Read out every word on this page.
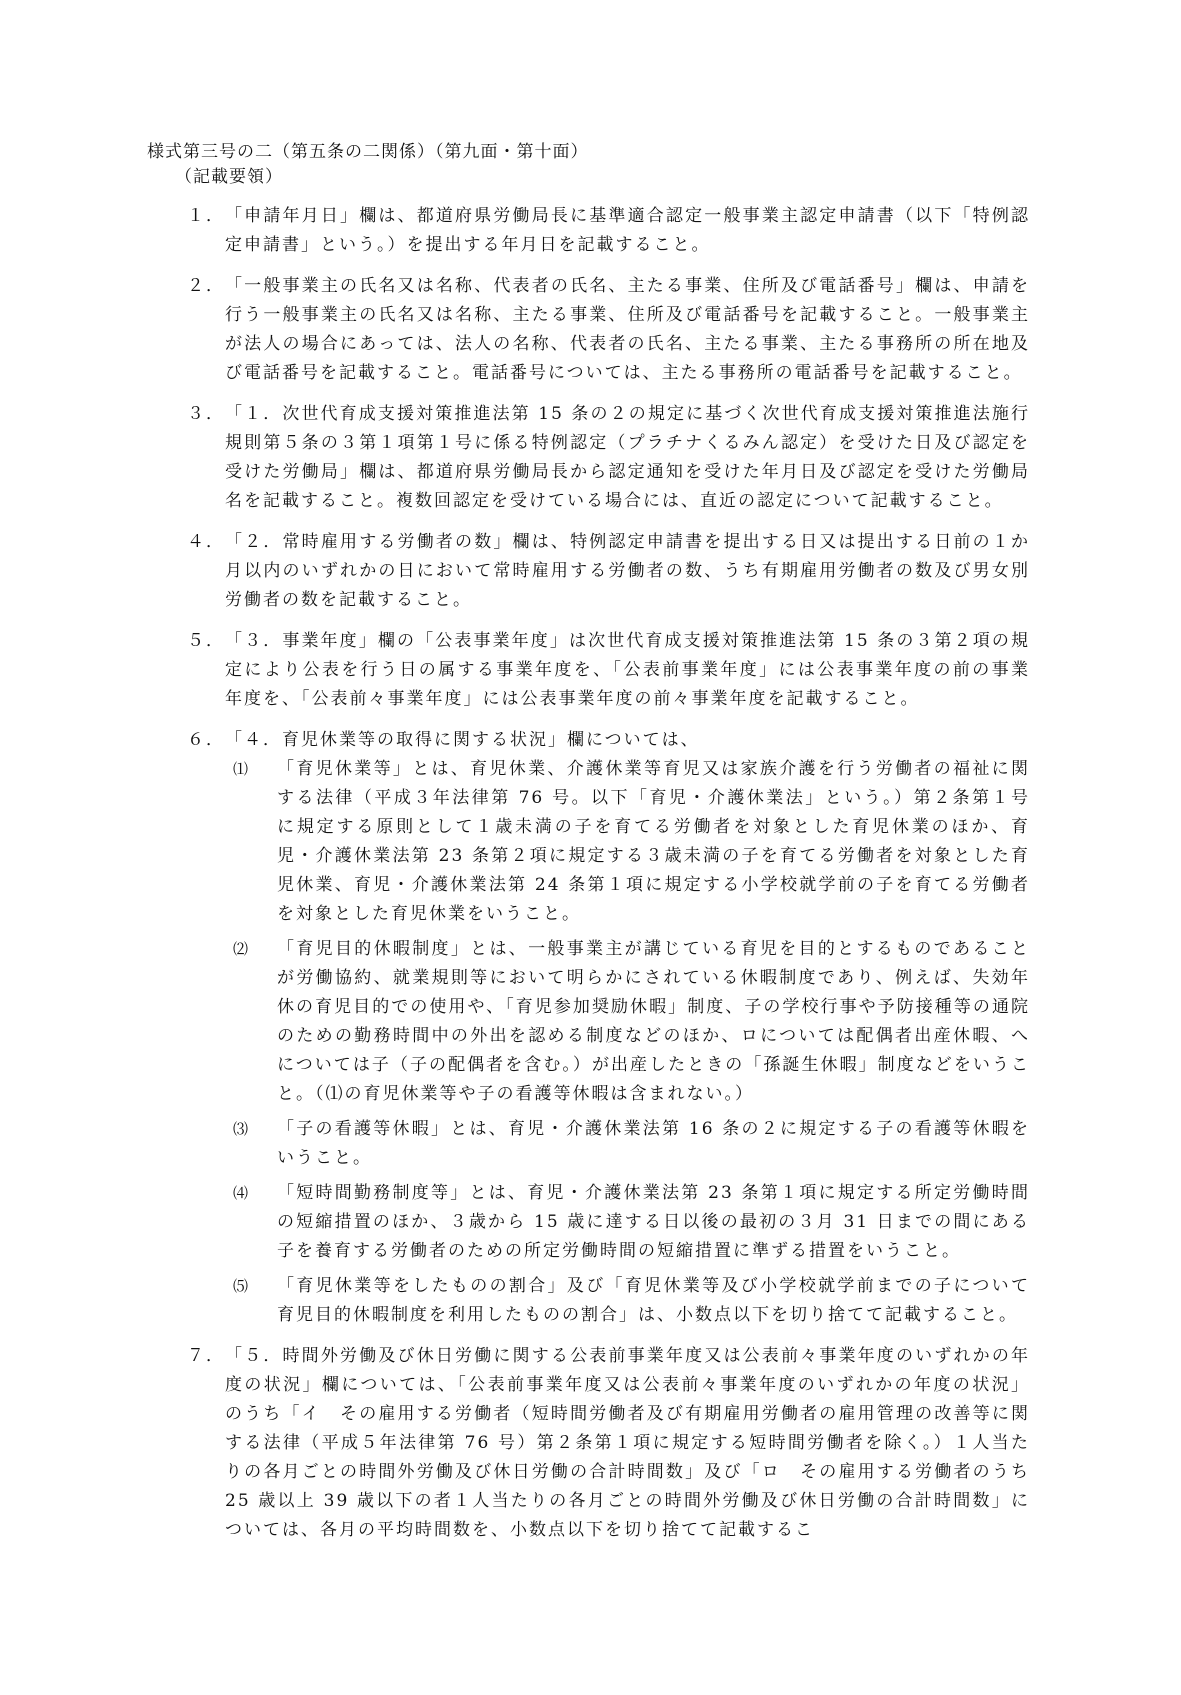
様式第三号の二（第五条の二関係）（第九面・第十面）
（記載要領）
１． 「申請年月日」欄は、都道府県労働局長に基準適合認定一般事業主認定申請書（以下「特例認定申請書」という。）を提出する年月日を記載すること。
２． 「一般事業主の氏名又は名称、代表者の氏名、主たる事業、住所及び電話番号」欄は、申請を行う一般事業主の氏名又は名称、主たる事業、住所及び電話番号を記載すること。一般事業主が法人の場合にあっては、法人の名称、代表者の氏名、主たる事業、主たる事務所の所在地及び電話番号を記載すること。電話番号については、主たる事務所の電話番号を記載すること。
３． 「１．次世代育成支援対策推進法第 15 条の２の規定に基づく次世代育成支援対策推進法施行規則第５条の３第１項第１号に係る特例認定（プラチナくるみん認定）を受けた日及び認定を受けた労働局」欄は、都道府県労働局長から認定通知を受けた年月日及び認定を受けた労働局名を記載すること。複数回認定を受けている場合には、直近の認定について記載すること。
４． 「２．常時雇用する労働者の数」欄は、特例認定申請書を提出する日又は提出する日前の１か月以内のいずれかの日において常時雇用する労働者の数、うち有期雇用労働者の数及び男女別労働者の数を記載すること。
５． 「３．事業年度」欄の「公表事業年度」は次世代育成支援対策推進法第 15 条の３第２項の規定により公表を行う日の属する事業年度を、「公表前事業年度」には公表事業年度の前の事業年度を、「公表前々事業年度」には公表事業年度の前々事業年度を記載すること。
６． 「４．育児休業等の取得に関する状況」欄については、
⑴ 「育児休業等」とは、育児休業、介護休業等育児又は家族介護を行う労働者の福祉に関する法律（平成３年法律第 76 号。以下「育児・介護休業法」という。）第２条第１号に規定する原則として１歳未満の子を育てる労働者を対象とした育児休業のほか、育児・介護休業法第 23 条第２項に規定する３歳未満の子を育てる労働者を対象とした育児休業、育児・介護休業法第 24 条第１項に規定する小学校就学前の子を育てる労働者を対象とした育児休業をいうこと。
⑵ 「育児目的休暇制度」とは、一般事業主が講じている育児を目的とするものであることが労働協約、就業規則等において明らかにされている休暇制度であり、例えば、失効年休の育児目的での使用や、「育児参加奨励休暇」制度、子の学校行事や予防接種等の通院のための勤務時間中の外出を認める制度などのほか、ロについては配偶者出産休暇、へについては子（子の配偶者を含む。）が出産したときの「孫誕生休暇」制度などをいうこと。（⑴の育児休業等や子の看護等休暇は含まれない。）
⑶ 「子の看護等休暇」とは、育児・介護休業法第 16 条の２に規定する子の看護等休暇をいうこと。
⑷ 「短時間勤務制度等」とは、育児・介護休業法第 23 条第１項に規定する所定労働時間の短縮措置のほか、３歳から 15 歳に達する日以後の最初の３月 31 日までの間にある子を養育する労働者のための所定労働時間の短縮措置に準ずる措置をいうこと。
⑸ 「育児休業等をしたものの割合」及び「育児休業等及び小学校就学前までの子について育児目的休暇制度を利用したものの割合」は、小数点以下を切り捨てて記載すること。
７． 「５．時間外労働及び休日労働に関する公表前事業年度又は公表前々事業年度のいずれかの年度の状況」欄については、「公表前事業年度又は公表前々事業年度のいずれかの年度の状況」のうち「イ　その雇用する労働者（短時間労働者及び有期雇用労働者の雇用管理の改善等に関する法律（平成５年法律第 76 号）第２条第１項に規定する短時間労働者を除く。）１人当たりの各月ごとの時間外労働及び休日労働の合計時間数」及び「ロ　その雇用する労働者のうち 25 歳以上 39 歳以下の者１人当たりの各月ごとの時間外労働及び休日労働の合計時間数」については、各月の平均時間数を、小数点以下を切り捨てて記載するこ
